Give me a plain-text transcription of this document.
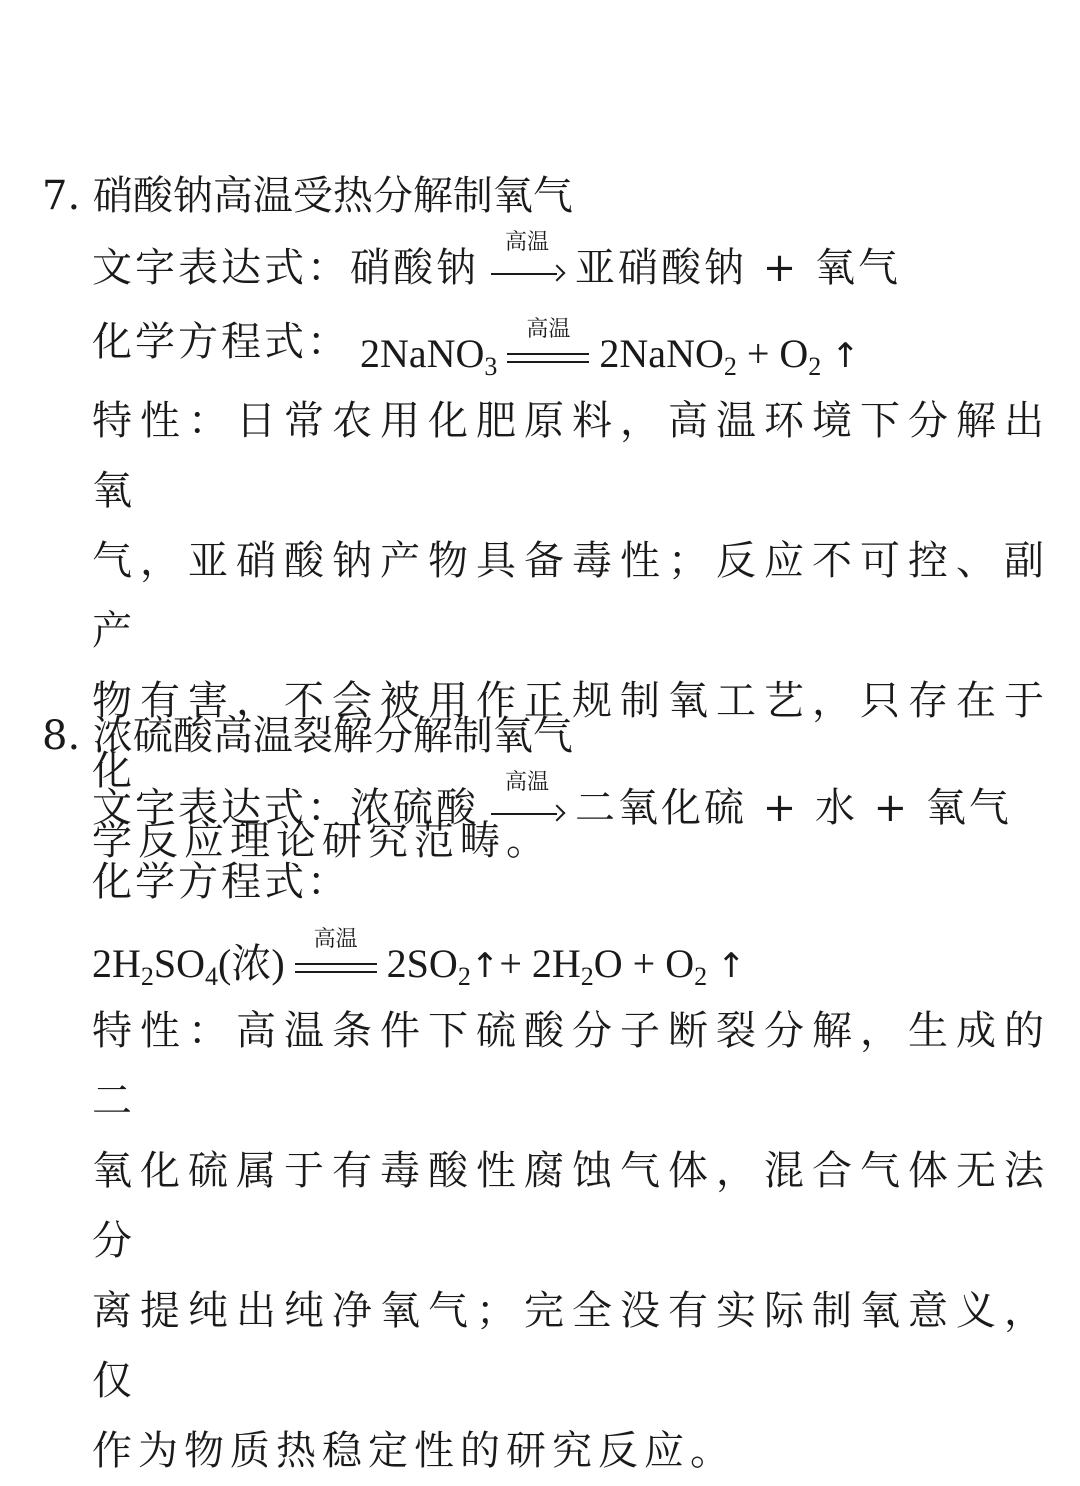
7. 硝酸钠高温受热分解制氧气
文字表达式：硝酸钠
高温
亚硝酸钠 + 氧气
化学方程式： 2NaNO$_3$
高温
2NaNO$_2$ + $O_2$ ↑
特性：日常农用化肥原料，高温环境下分解出氧
气，亚硝酸钠产物具备毒性；反应不可控、副产
物有害，不会被用作正规制氧工艺，只存在于化
学反应理论研究范畴。
8. 浓硫酸高温裂解分解制氧气
文字表达式：浓硫酸
高温
二氧化硫 + 水 + 氧气
化学方程式：
$2H_2SO_4$(浓)
高温
$2SO_2↑+ 2H_2O + O_2$ ↑
特性：高温条件下硫酸分子断裂分解，生成的二
氧化硫属于有毒酸性腐蚀气体，混合气体无法分
离提纯出纯净氧气；完全没有实际制氧意义，仅
作为物质热稳定性的研究反应。
